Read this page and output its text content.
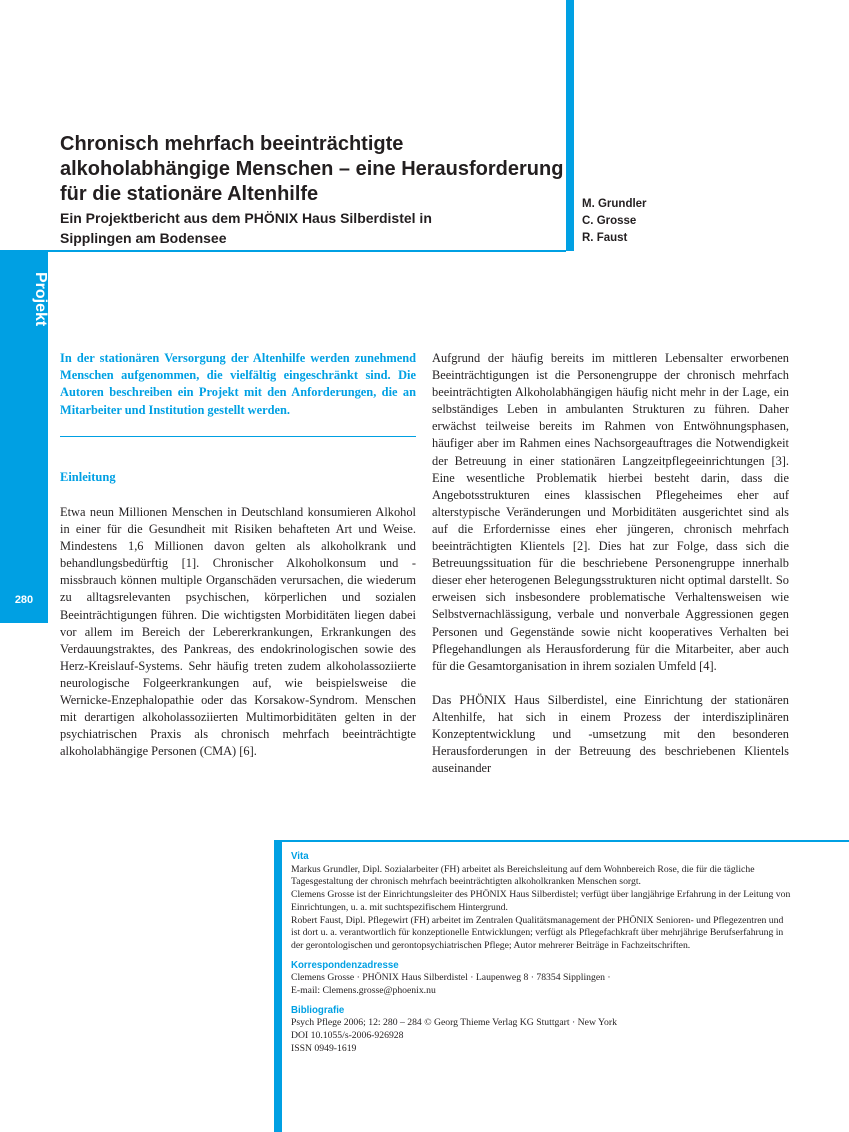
Projekt
280
Chronisch mehrfach beeinträchtigte alkoholabhängige Menschen – eine Herausforderung für die stationäre Altenhilfe
Ein Projektbericht aus dem PHÖNIX Haus Silberdistel in Sipplingen am Bodensee
M. Grundler
C. Grosse
R. Faust

In der stationären Versorgung der Altenhilfe werden zunehmend Menschen aufgenommen, die vielfältig eingeschränkt sind. Die Autoren beschreiben ein Projekt mit den Anforderungen, die an Mitarbeiter und Institution gestellt werden.

Einleitung

Etwa neun Millionen Menschen in Deutschland konsumieren Alkohol in einer für die Gesundheit mit Risiken behafteten Art und Weise. Mindestens 1,6 Millionen davon gelten als alkoholkrank und behandlungsbedürftig [1]. Chronischer Alkoholkonsum und -missbrauch können multiple Organschäden verursachen, die wiederum zu alltagsrelevanten psychischen, körperlichen und sozialen Beeinträchtigungen führen. Die wichtigsten Morbiditäten liegen dabei vor allem im Bereich der Lebererkrankungen, Erkrankungen des Verdauungstraktes, des Pankreas, des endokrinologischen sowie des Herz-Kreislauf-Systems. Sehr häufig treten zudem alkoholassoziierte neurologische Folgeerkrankungen auf, wie beispielsweise die Wernicke-Enzephalopathie oder das Korsakow-Syndrom. Menschen mit derartigen alkoholassoziierten Multimorbiditäten gelten in der psychiatrischen Praxis als chronisch mehrfach beeinträchtigte alkoholabhängige Personen (CMA) [6].

Aufgrund der häufig bereits im mittleren Lebensalter erworbenen Beeinträchtigungen ist die Personengruppe der chronisch mehrfach beeinträchtigten Alkoholabhängigen häufig nicht mehr in der Lage, ein selbständiges Leben in ambulanten Strukturen zu führen. Daher erwächst teilweise bereits im Rahmen von Entwöhnungsphasen, häufiger aber im Rahmen eines Nachsorgeauftrages die Notwendigkeit der Betreuung in einer stationären Langzeitpflegeeinrichtungen [3]. Eine wesentliche Problematik hierbei besteht darin, dass die Angebotsstrukturen eines klassischen Pflegeheimes eher auf alterstypische Veränderungen und Morbiditäten ausgerichtet sind als auf die Erfordernisse eines eher jüngeren, chronisch mehrfach beeinträchtigten Klientels [2]. Dies hat zur Folge, dass sich die Betreuungssituation für die beschriebene Personengruppe innerhalb dieser eher heterogenen Belegungsstrukturen nicht optimal darstellt. So erweisen sich insbesondere problematische Verhaltensweisen wie Selbstvernachlässigung, verbale und nonverbale Aggressionen gegen Personen und Gegenstände sowie nicht kooperatives Verhalten bei Pflegehandlungen als Herausforderung für die Mitarbeiter, aber auch für die Gesamtorganisation in ihrem sozialen Umfeld [4].

Das PHÖNIX Haus Silberdistel, eine Einrichtung der stationären Altenhilfe, hat sich in einem Prozess der interdisziplinären Konzeptentwicklung und -umsetzung mit den besonderen Herausforderungen in der Betreuung des beschriebenen Klientels auseinander

Vita
Markus Grundler, Dipl. Sozialarbeiter (FH) arbeitet als Bereichsleitung auf dem Wohnbereich Rose, die für die tägliche Tagesgestaltung der chronisch mehrfach beeinträchtigten alkoholkranken Menschen sorgt.
Clemens Grosse ist der Einrichtungsleiter des PHÖNIX Haus Silberdistel; verfügt über langjährige Erfahrung in der Leitung von Einrichtungen, u. a. mit suchtspezifischem Hintergrund.
Robert Faust, Dipl. Pflegewirt (FH) arbeitet im Zentralen Qualitätsmanagement der PHÖNIX Senioren- und Pflegezentren und ist dort u. a. verantwortlich für konzeptionelle Entwicklungen; verfügt als Pflegefachkraft über mehrjährige Berufserfahrung in der gerontologischen und gerontopsychiatrischen Pflege; Autor mehrerer Beiträge in Fachzeitschriften.
Korrespondenzadresse
Clemens Grosse · PHÖNIX Haus Silberdistel · Laupenweg 8 · 78354 Sipplingen ·
E-mail: Clemens.grosse@phoenix.nu
Bibliografie
Psych Pflege 2006; 12: 280 – 284 © Georg Thieme Verlag KG Stuttgart · New York
DOI 10.1055/s-2006-926928
ISSN 0949-1619
